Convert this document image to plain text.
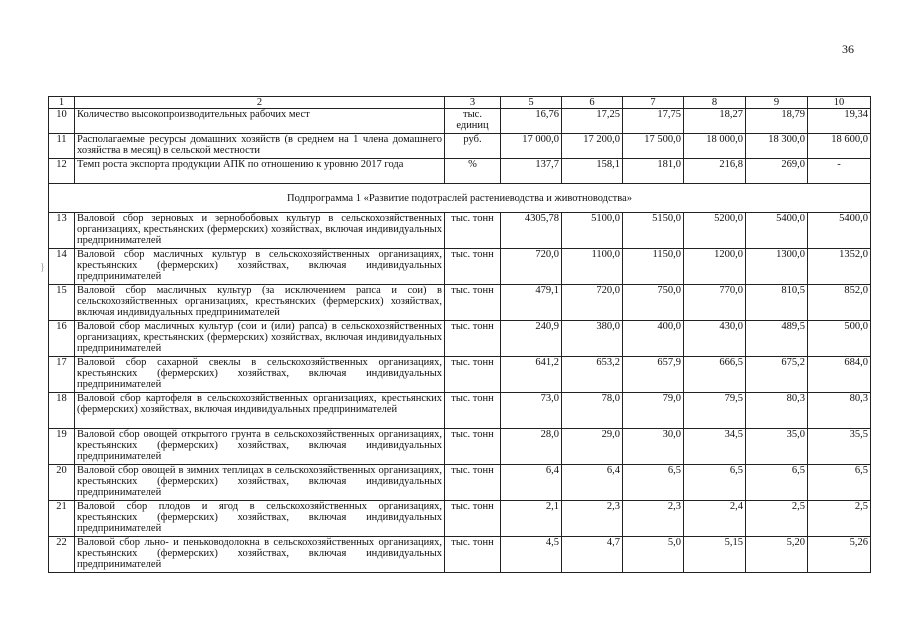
36
}
1	2	3	5	6	7	8	9	10
10	Количество высокопроизводительных рабочих мест	тыс. единиц	16,76	17,25	17,75	18,27	18,79	19,34
11	Располагаемые ресурсы домашних хозяйств (в среднем на 1 члена домашнего хозяйства в месяц) в сельской местности	руб.	17 000,0	17 200,0	17 500,0	18 000,0	18 300,0	18 600,0
12	Темп роста экспорта продукции АПК по отношению к уровню 2017 года	%	137,7	158,1	181,0	216,8	269,0	-
Подпрограмма 1 «Развитие подотраслей растениеводства и животноводства»								
13	Валовой сбор зерновых и зернобобовых культур в сельскохозяйственных организациях, крестьянских (фермерских) хозяйствах, включая индивидуальных предпринимателей	тыс. тонн	4305,78	5100,0	5150,0	5200,0	5400,0	5400,0
14	Валовой сбор масличных культур в сельскохозяйственных организациях, крестьянских (фермерских) хозяйствах, включая индивидуальных предпринимателей	тыс. тонн	720,0	1100,0	1150,0	1200,0	1300,0	1352,0
15	Валовой сбор масличных культур (за исключением рапса и сои) в сельскохозяйственных организациях, крестьянских (фермерских) хозяйствах, включая индивидуальных предпринимателей	тыс. тонн	479,1	720,0	750,0	770,0	810,5	852,0
16	Валовой сбор масличных культур (сои и (или) рапса) в сельскохозяйственных организациях, крестьянских (фермерских) хозяйствах, включая индивидуальных предпринимателей	тыс. тонн	240,9	380,0	400,0	430,0	489,5	500,0
17	Валовой сбор сахарной свеклы в сельскохозяйственных организациях, крестьянских (фермерских) хозяйствах, включая индивидуальных предпринимателей	тыс. тонн	641,2	653,2	657,9	666,5	675,2	684,0
18	Валовой сбор картофеля в сельскохозяйственных организациях, крестьянских (фермерских) хозяйствах, включая индивидуальных предпринимателей	тыс. тонн	73,0	78,0	79,0	79,5	80,3	80,3
19	Валовой сбор овощей открытого грунта в сельскохозяйственных организациях, крестьянских (фермерских) хозяйствах, включая индивидуальных предпринимателей	тыс. тонн	28,0	29,0	30,0	34,5	35,0	35,5
20	Валовой сбор овощей в зимних теплицах в сельскохозяйственных организациях, крестьянских (фермерских) хозяйствах, включая индивидуальных предпринимателей	тыс. тонн	6,4	6,4	6,5	6,5	6,5	6,5
21	Валовой сбор плодов и ягод в сельскохозяйственных организациях, крестьянских (фермерских) хозяйствах, включая индивидуальных предпринимателей	тыс. тонн	2,1	2,3	2,3	2,4	2,5	2,5
22	Валовой сбор льно- и пеньководолокна в сельскохозяйственных организациях, крестьянских (фермерских) хозяйствах, включая индивидуальных предпринимателей	тыс. тонн	4,5	4,7	5,0	5,15	5,20	5,26
